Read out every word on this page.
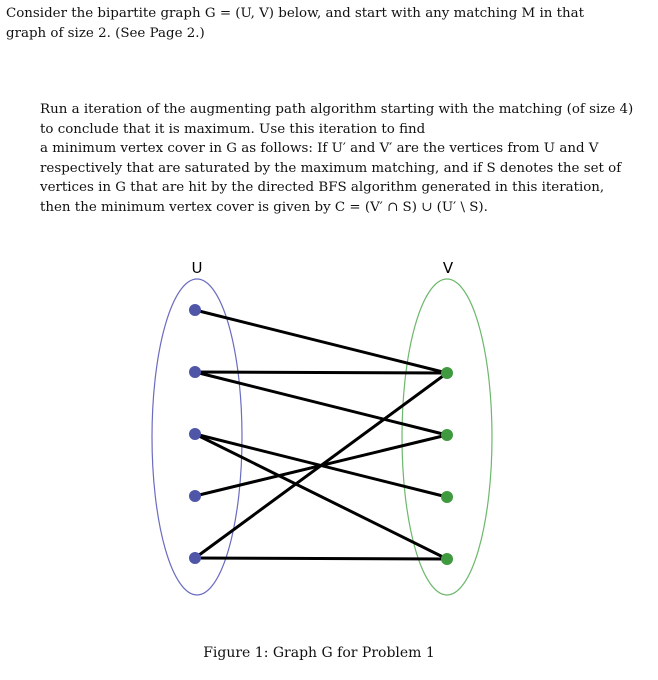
Consider the bipartite graph G = (U, V) below, and start with any matching M in that
graph of size 2. (See Page 2.)

Run a iteration of the augmenting path algorithm starting with the matching (of size 4)
to conclude that it is maximum. Use this iteration to find
a minimum vertex cover in G as follows: If U′ and V′ are the vertices from U and V
respectively that are saturated by the maximum matching, and if S denotes the set of
vertices in G that are hit by the directed BFS algorithm generated in this iteration,
then the minimum vertex cover is given by C = (V′ ∩ S) ∪ (U′ \ S).

U	V

Figure 1: Graph G for Problem 1
